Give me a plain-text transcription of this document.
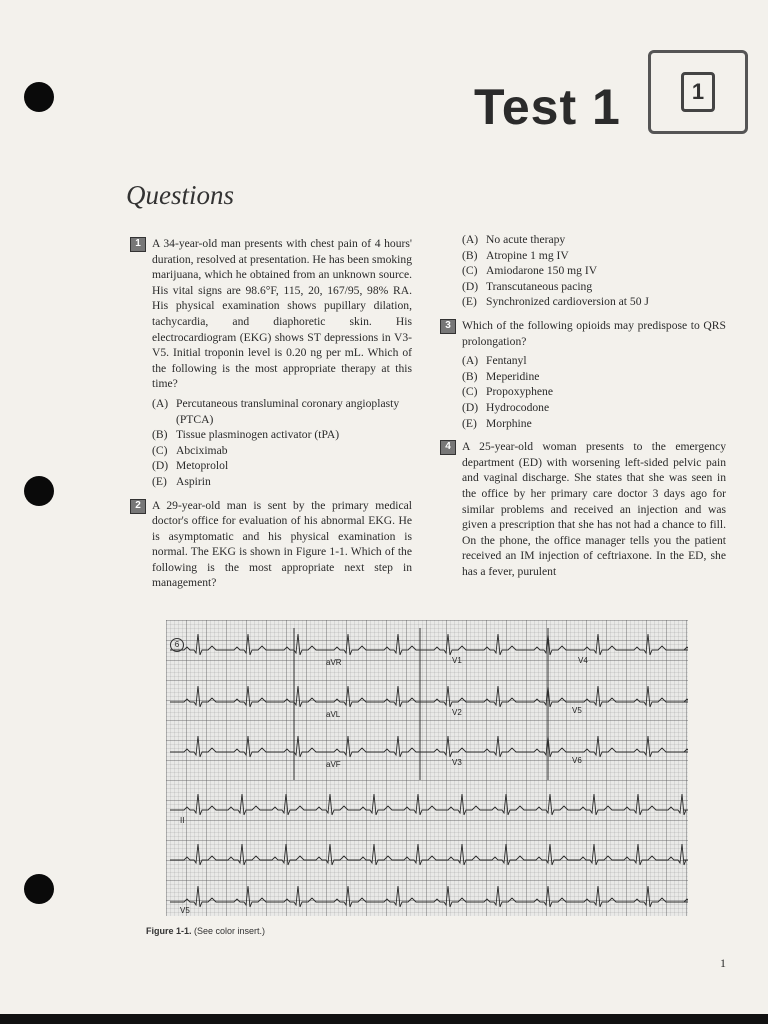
Test 1	1
Questions
1 A 34-year-old man presents with chest pain of 4 hours' duration, resolved at presentation. He has been smoking marijuana, which he obtained from an unknown source. His vital signs are 98.6°F, 115, 20, 167/95, 98% RA. His physical examination shows pupillary dilation, tachycardia, and diaphoretic skin. His electrocardiogram (EKG) shows ST depressions in V3-V5. Initial troponin level is 0.20 ng per mL. Which of the following is the most appropriate therapy at this time?
(A) Percutaneous transluminal coronary angioplasty (PTCA)
(B) Tissue plasminogen activator (tPA)
(C) Abciximab
(D) Metoprolol
(E) Aspirin
2 A 29-year-old man is sent by the primary medical doctor's office for evaluation of his abnormal EKG. He is asymptomatic and his physical examination is normal. The EKG is shown in Figure 1-1. Which of the following is the most appropriate next step in management?
(A) No acute therapy
(B) Atropine 1 mg IV
(C) Amiodarone 150 mg IV
(D) Transcutaneous pacing
(E) Synchronized cardioversion at 50 J
3 Which of the following opioids may predispose to QRS prolongation?
(A) Fentanyl
(B) Meperidine
(C) Propoxyphene
(D) Hydrocodone
(E) Morphine
4 A 25-year-old woman presents to the emergency department (ED) with worsening left-sided pelvic pain and vaginal discharge. She states that she was seen in the office by her primary care doctor 3 days ago for similar problems and received an injection and was given a prescription that she has not had a chance to fill. On the phone, the office manager tells you the patient received an IM injection of ceftriaxone. In the ED, she has a fever, purulent
6
aVR	V1	V4
aVL	V2	V5
aVF	V3	V6
II
V5
Figure 1-1. (See color insert.)
1
